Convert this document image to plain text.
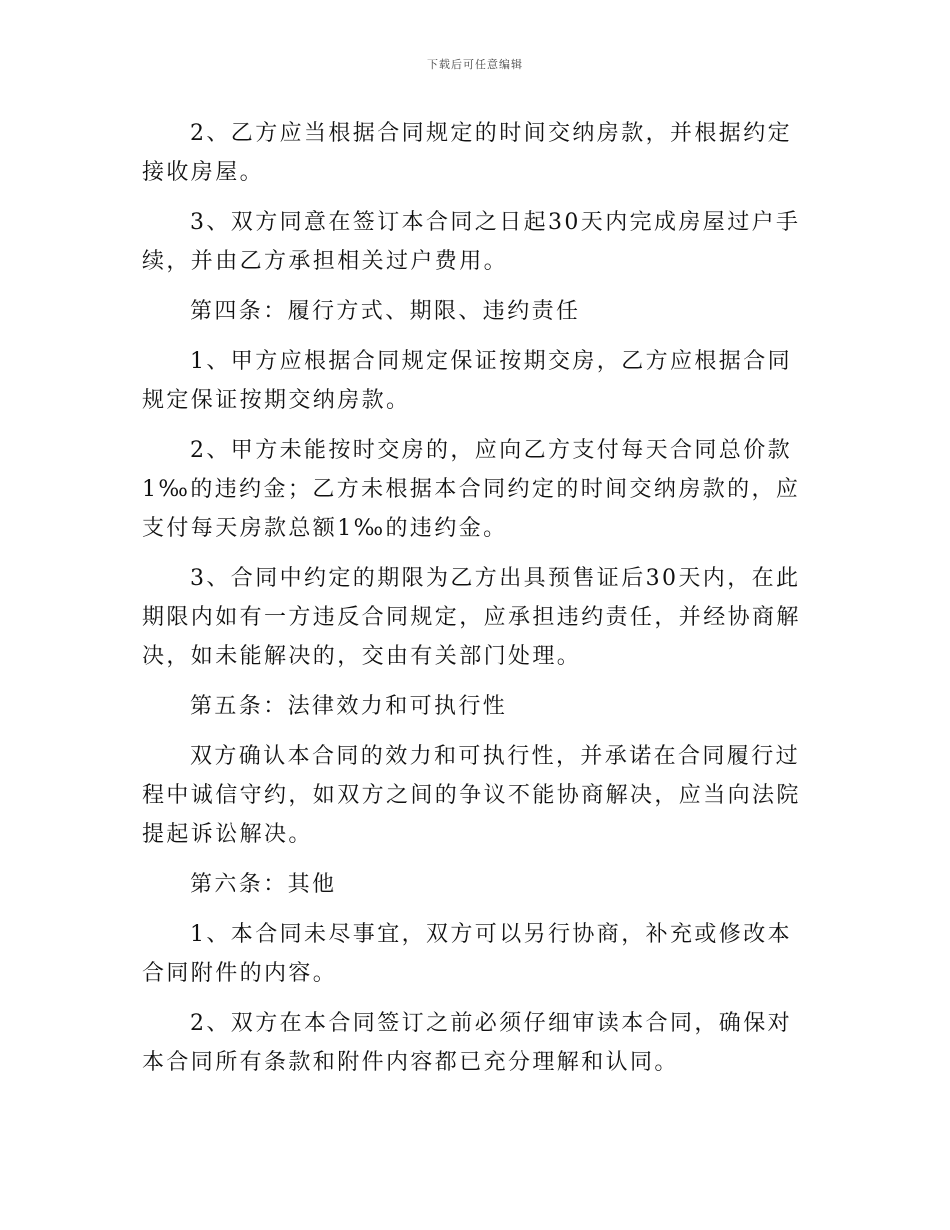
下载后可任意编辑

2、乙方应当根据合同规定的时间交纳房款，并根据约定接收房屋。

3、双方同意在签订本合同之日起30天内完成房屋过户手续，并由乙方承担相关过户费用。

第四条：履行方式、期限、违约责任

1、甲方应根据合同规定保证按期交房，乙方应根据合同规定保证按期交纳房款。

2、甲方未能按时交房的，应向乙方支付每天合同总价款1‰的违约金；乙方未根据本合同约定的时间交纳房款的，应支付每天房款总额1‰的违约金。

3、合同中约定的期限为乙方出具预售证后30天内，在此期限内如有一方违反合同规定，应承担违约责任，并经协商解决，如未能解决的，交由有关部门处理。

第五条：法律效力和可执行性

双方确认本合同的效力和可执行性，并承诺在合同履行过程中诚信守约，如双方之间的争议不能协商解决，应当向法院提起诉讼解决。

第六条：其他

1、本合同未尽事宜，双方可以另行协商，补充或修改本合同附件的内容。

2、双方在本合同签订之前必须仔细审读本合同，确保对本合同所有条款和附件内容都已充分理解和认同。
